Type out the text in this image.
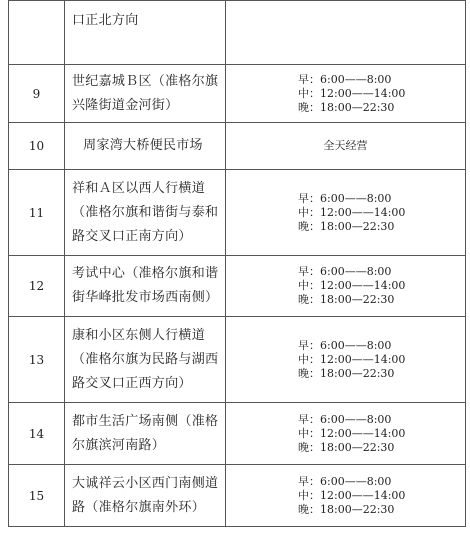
	口正北方向	
9	世纪嘉城Ｂ区（准格尔旗兴隆街道金河街）	早：6:00——8:00
中：12:00——14:00
晚：18:00—22:30

10	周家湾大桥便民市场	全天经营
11	祥和Ａ区以西人行横道（准格尔旗和谐街与泰和路交叉口正南方向）	早：6:00——8:00
中：12:00——14:00
晚：18:00—22:30

12	考试中心（准格尔旗和谐街华峰批发市场西南侧）	早：6:00——8:00
中：12:00——14:00
晚：18:00—22:30

13	康和小区东侧人行横道（准格尔旗为民路与湖西路交叉口正西方向）	早：6:00——8:00
中：12:00——14:00
晚：18:00—22:30

14	都市生活广场南侧（准格尔旗滨河南路）	早：6:00——8:00
中：12:00——14:00
晚：18:00—22:30

15	大诚祥云小区西门南侧道路（准格尔旗南外环）	早：6:00——8:00
中：12:00——14:00
晚：18:00—22:30
